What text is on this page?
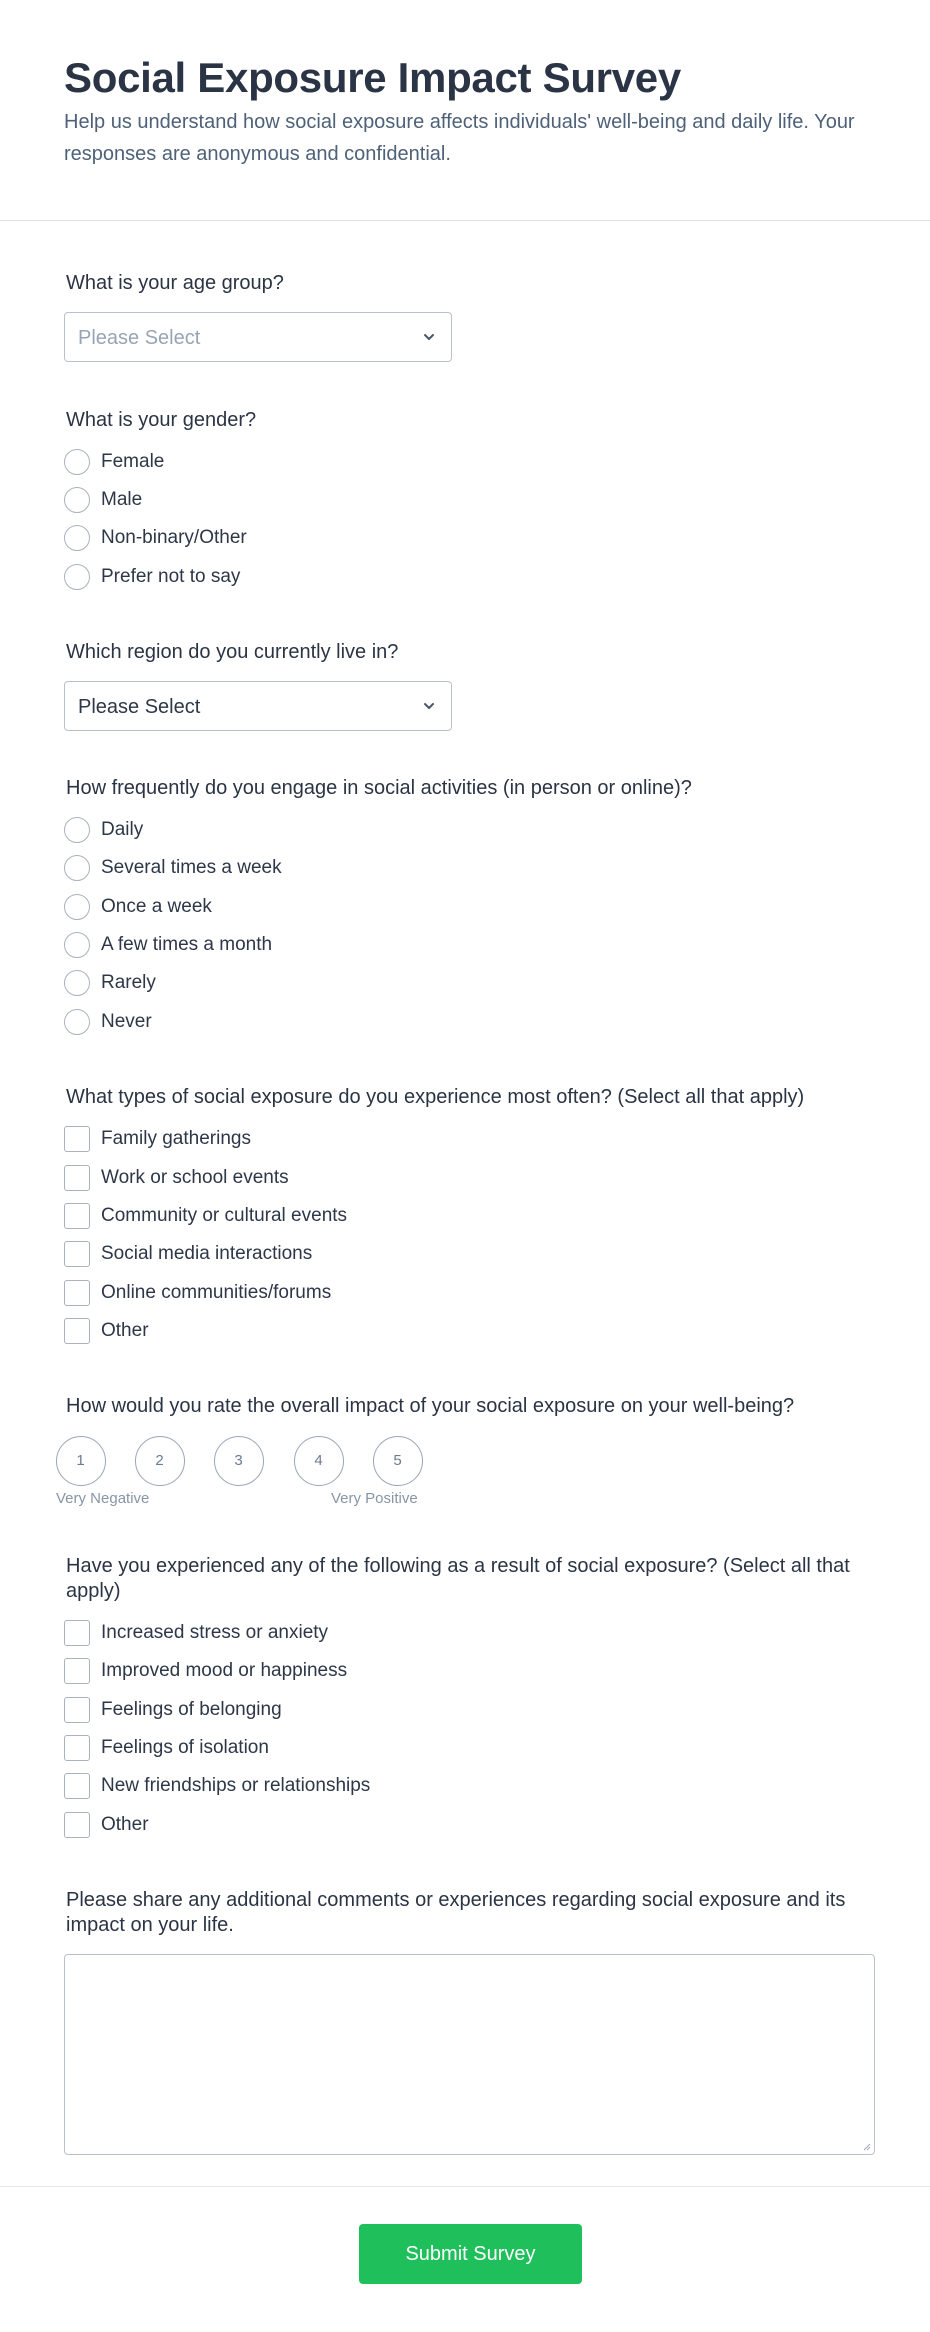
Social Exposure Impact Survey

Help us understand how social exposure affects individuals' well-being and daily life. Your responses are anonymous and confidential.

What is your age group?
Please Select
What is your gender?
Female
Male
Non-binary/Other
Prefer not to say
Which region do you currently live in?
Please Select
How frequently do you engage in social activities (in person or online)?
Daily
Several times a week
Once a week
A few times a month
Rarely
Never
What types of social exposure do you experience most often? (Select all that apply)
Family gatherings
Work or school events
Community or cultural events
Social media interactions
Online communities/forums
Other
How would you rate the overall impact of your social exposure on your well-being?
1	2	3	4	5
Very Negative	Very Positive
Have you experienced any of the following as a result of social exposure? (Select all that apply)
Increased stress or anxiety
Improved mood or happiness
Feelings of belonging
Feelings of isolation
New friendships or relationships
Other
Please share any additional comments or experiences regarding social exposure and its impact on your life.
Submit Survey
